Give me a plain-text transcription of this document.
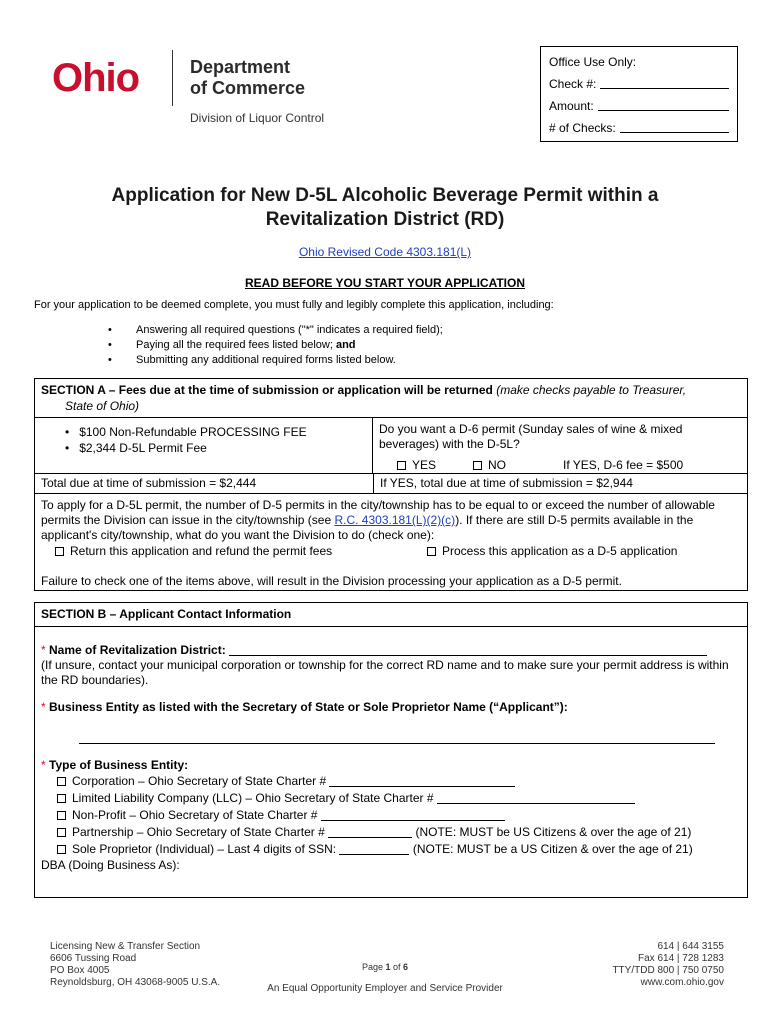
Ohio	Department
of Commerce
Division of Liquor Control
Office Use Only:
Check #:
Amount:
# of Checks:
Application for New D-5L Alcoholic Beverage Permit within a
Revitalization District (RD)
Ohio Revised Code 4303.181(L)
READ BEFORE YOU START YOUR APPLICATION
For your application to be deemed complete, you must fully and legibly complete this application, including:
•	Answering all required questions ("*" indicates a required field);
•	Paying all the required fees listed below; and
•	Submitting any additional required forms listed below.
SECTION A – Fees due at the time of submission or application will be returned (make checks payable to Treasurer,
State of Ohio)
•   $100 Non-Refundable PROCESSING FEE
•   $2,344 D-5L Permit Fee
Do you want a D-6 permit (Sunday sales of wine & mixed beverages) with the D-5L?
YES	NO	If YES, D-6 fee = $500
Total due at time of submission = $2,444	If YES, total due at time of submission = $2,944
To apply for a D-5L permit, the number of D-5 permits in the city/township has to be equal to or exceed the number of allowable permits the Division can issue in the city/township (see R.C. 4303.181(L)(2)(c)). If there are still D-5 permits available in the applicant's city/township, what do you want the Division to do (check one):
Return this application and refund the permit fees	Process this application as a D-5 application
Failure to check one of the items above, will result in the Division processing your application as a D-5 permit.
SECTION B – Applicant Contact Information
* Name of Revitalization District:
(If unsure, contact your municipal corporation or township for the correct RD name and to make sure your permit address is within the RD boundaries).
* Business Entity as listed with the Secretary of State or Sole Proprietor Name (“Applicant”):
* Type of Business Entity:
Corporation – Ohio Secretary of State Charter #
Limited Liability Company (LLC) – Ohio Secretary of State Charter #
Non-Profit – Ohio Secretary of State Charter #
Partnership – Ohio Secretary of State Charter #	(NOTE: MUST be US Citizens & over the age of 21)
Sole Proprietor (Individual) – Last 4 digits of SSN:	(NOTE: MUST be a US Citizen & over the age of 21)
DBA (Doing Business As):
Licensing New & Transfer Section
6606 Tussing Road
PO Box 4005
Reynoldsburg, OH 43068-9005 U.S.A.
Page 1 of 6
An Equal Opportunity Employer and Service Provider
614 | 644 3155
Fax 614 | 728 1283
TTY/TDD 800 | 750 0750
www.com.ohio.gov
